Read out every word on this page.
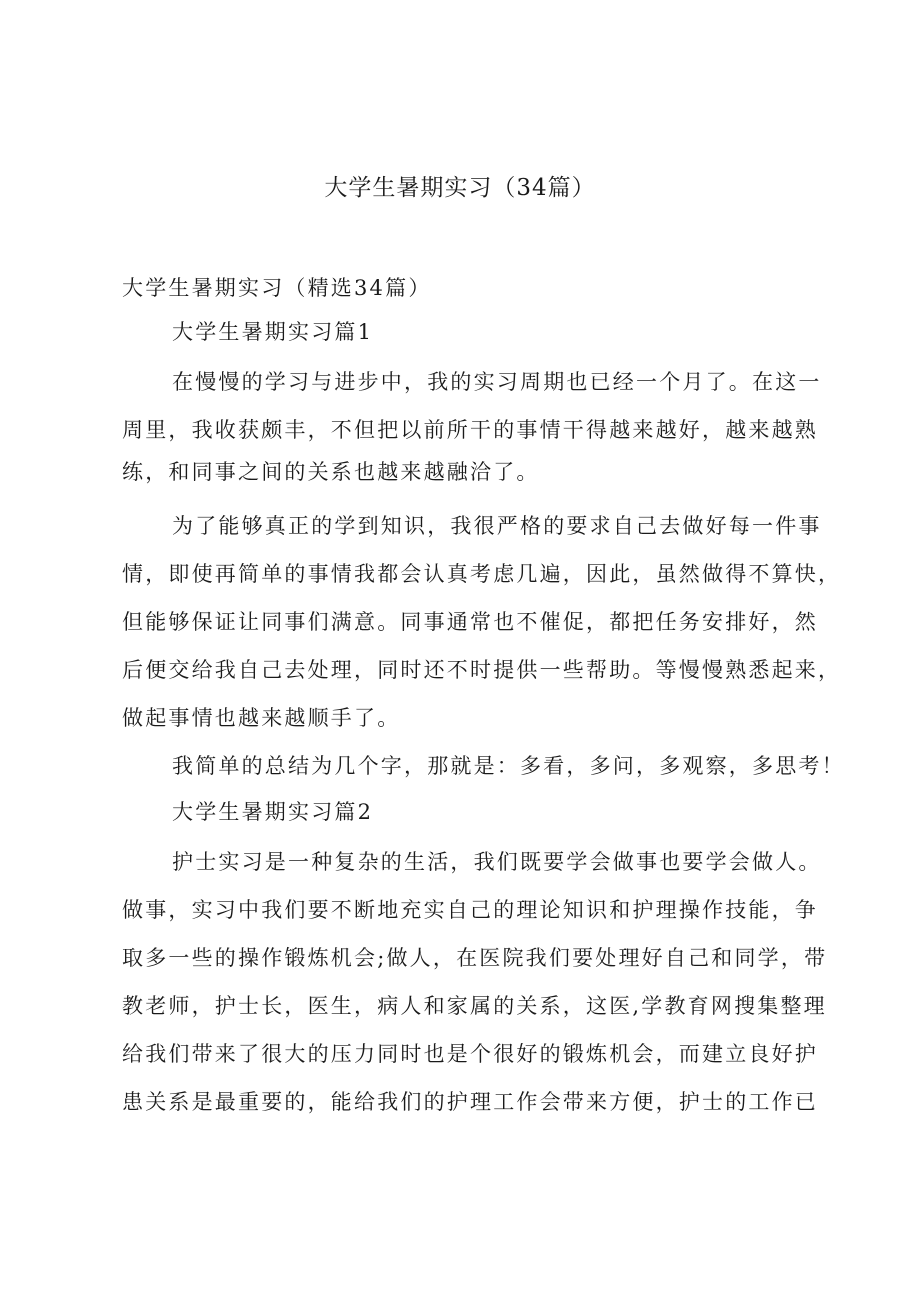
大学生暑期实习（34篇）
大学生暑期实习（精选34篇）
大学生暑期实习篇1
在慢慢的学习与进步中，我的实习周期也已经一个月了。在这一
周里，我收获颇丰，不但把以前所干的事情干得越来越好，越来越熟
练，和同事之间的关系也越来越融洽了。
为了能够真正的学到知识，我很严格的要求自己去做好每一件事
情，即使再简单的事情我都会认真考虑几遍，因此，虽然做得不算快，
但能够保证让同事们满意。同事通常也不催促，都把任务安排好，然
后便交给我自己去处理，同时还不时提供一些帮助。等慢慢熟悉起来，
做起事情也越来越顺手了。
我简单的总结为几个字，那就是：多看，多问，多观察，多思考！
大学生暑期实习篇2
护士实习是一种复杂的生活，我们既要学会做事也要学会做人。
做事，实习中我们要不断地充实自己的理论知识和护理操作技能，争
取多一些的操作锻炼机会;做人，在医院我们要处理好自己和同学，带
教老师，护士长，医生，病人和家属的关系，这医,学教育网搜集整理
给我们带来了很大的压力同时也是个很好的锻炼机会，而建立良好护
患关系是最重要的，能给我们的护理工作会带来方便，护士的工作已
